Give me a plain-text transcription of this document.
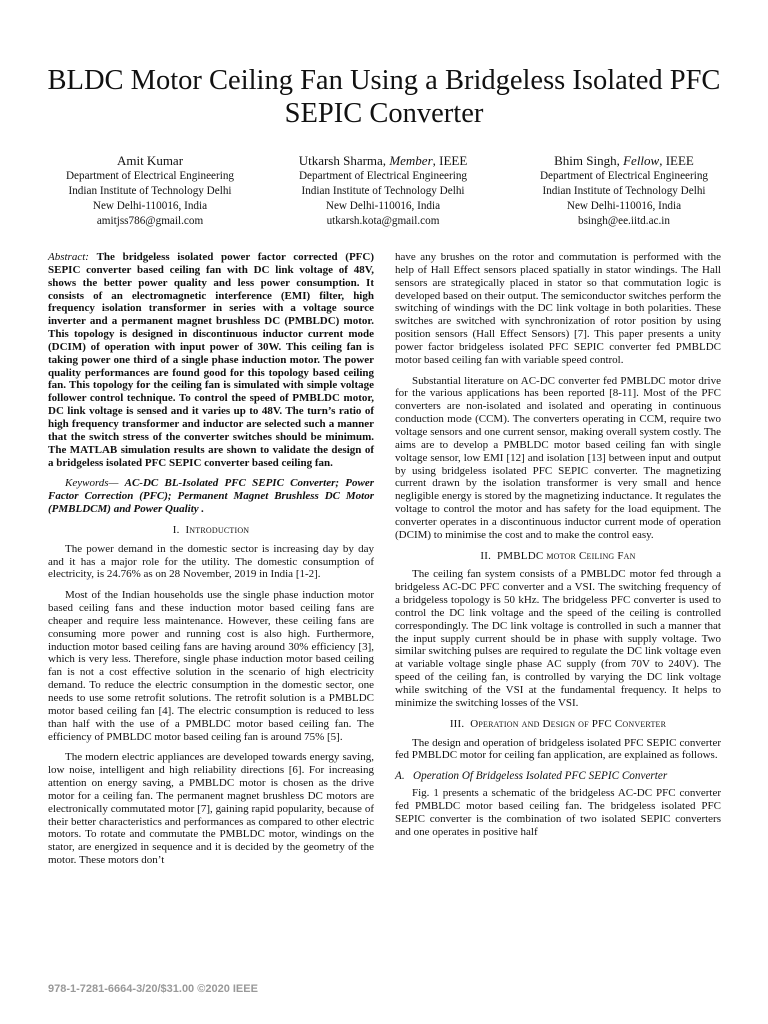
BLDC Motor Ceiling Fan Using a Bridgeless Isolated PFC SEPIC Converter
Amit Kumar
Department of Electrical Engineering
Indian Institute of Technology Delhi
New Delhi-110016, India
amitjss786@gmail.com
Utkarsh Sharma, Member, IEEE
Department of Electrical Engineering
Indian Institute of Technology Delhi
New Delhi-110016, India
utkarsh.kota@gmail.com
Bhim Singh, Fellow, IEEE
Department of Electrical Engineering
Indian Institute of Technology Delhi
New Delhi-110016, India
bsingh@ee.iitd.ac.in

Abstract: The bridgeless isolated power factor corrected (PFC) SEPIC converter based ceiling fan with DC link voltage of 48V, shows the better power quality and less power consumption. It consists of an electromagnetic interference (EMI) filter, high frequency isolation transformer in series with a voltage source inverter and a permanent magnet brushless DC (PMBLDC) motor. This topology is designed in discontinuous inductor current mode (DCIM) of operation with input power of 30W. This ceiling fan is taking power one third of a single phase induction motor. The power quality performances are found good for this topology based ceiling fan. This topology for the ceiling fan is simulated with simple voltage follower control technique. To control the speed of PMBLDC motor, DC link voltage is sensed and it varies up to 48V. The turn’s ratio of high frequency transformer and inductor are selected such a manner that the switch stress of the converter switches should be minimum. The MATLAB simulation results are shown to validate the design of a bridgeless isolated PFC SEPIC converter based ceiling fan.

Keywords— AC-DC BL-Isolated PFC SEPIC Converter; Power Factor Correction (PFC); Permanent Magnet Brushless DC Motor (PMBLDCM) and Power Quality .

I. Introduction

The power demand in the domestic sector is increasing day by day and it has a major role for the utility. The domestic consumption of electricity, is 24.76% as on 28 November, 2019 in India [1-2].

Most of the Indian households use the single phase induction motor based ceiling fans and these induction motor based ceiling fans are cheaper and require less maintenance. However, these ceiling fans are consuming more power and running cost is also high. Furthermore, induction motor based ceiling fans are having around 30% efficiency [3], which is very less. Therefore, single phase induction motor based ceiling fan is not a cost effective solution in the scenario of high electricity demand. To reduce the electric consumption in the domestic sector, one needs to use some retrofit solutions. The retrofit solution is a PMBLDC motor based ceiling fan [4]. The electric consumption is reduced to less than half with the use of a PMBLDC motor based ceiling fan. The efficiency of PMBLDC motor based ceiling fan is around 75% [5].

The modern electric appliances are developed towards energy saving, low noise, intelligent and high reliability directions [6]. For increasing attention on energy saving, a PMBLDC motor is chosen as the drive motor for a ceiling fan. The permanent magnet brushless DC motors are electronically commutated motor [7], gaining rapid popularity, because of their better characteristics and performances as compared to other electric motors. To rotate and commutate the PMBLDC motor, windings on the stator, are energized in sequence and it is decided by the geometry of the motor. These motors don’t

have any brushes on the rotor and commutation is performed with the help of Hall Effect sensors placed spatially in stator windings. The Hall sensors are strategically placed in stator so that commutation logic is developed based on their output. The semiconductor switches perform the switching of windings with the DC link voltage in both polarities. These switches are switched with synchronization of rotor position by using position sensors (Hall Effect Sensors) [7]. This paper presents a unity power factor bridgeless isolated PFC SEPIC converter fed PMBLDC motor based ceiling fan with variable speed control.

Substantial literature on AC-DC converter fed PMBLDC motor drive for the various applications has been reported [8-11]. Most of the PFC converters are non-isolated and isolated and operating in continuous conduction mode (CCM). The converters operating in CCM, require two voltage sensors and one current sensor, making overall system costly. The aims are to develop a PMBLDC motor based ceiling fan with single voltage sensor, low EMI [12] and isolation [13] between input and output by using bridgeless isolated PFC SEPIC converter. The magnetizing current drawn by the isolation transformer is very small and hence negligible energy is stored by the magnetizing inductance. It regulates the voltage to control the motor and has safety for the load equipment. The converter operates in a discontinuous inductor current mode of operation (DCIM) to minimise the cost and to make the control easy.

II. PMBLDC motor Ceiling Fan

The ceiling fan system consists of a PMBLDC motor fed through a bridgeless AC-DC PFC converter and a VSI. The switching frequency of a bridgeless topology is 50 kHz. The bridgeless PFC converter is used to control the DC link voltage and the speed of the ceiling is controlled correspondingly. The DC link voltage is controlled in such a manner that the input supply current should be in phase with supply voltage. Two similar switching pulses are required to regulate the DC link voltage even at variable voltage single phase AC supply (from 70V to 240V). The speed of the ceiling fan, is controlled by varying the DC link voltage while switching of the VSI at the fundamental frequency. It helps to minimize the switching losses of the VSI.

III. Operation and Design of PFC Converter

The design and operation of bridgeless isolated PFC SEPIC converter fed PMBLDC motor for ceiling fan application, are explained as follows.

A. Operation Of Bridgeless Isolated PFC SEPIC Converter

Fig. 1 presents a schematic of the bridgeless AC-DC PFC converter fed PMBLDC motor based ceiling fan. The bridgeless isolated PFC SEPIC converter is the combination of two isolated SEPIC converters and one operates in positive half

978-1-7281-6664-3/20/$31.00 ©2020 IEEE
